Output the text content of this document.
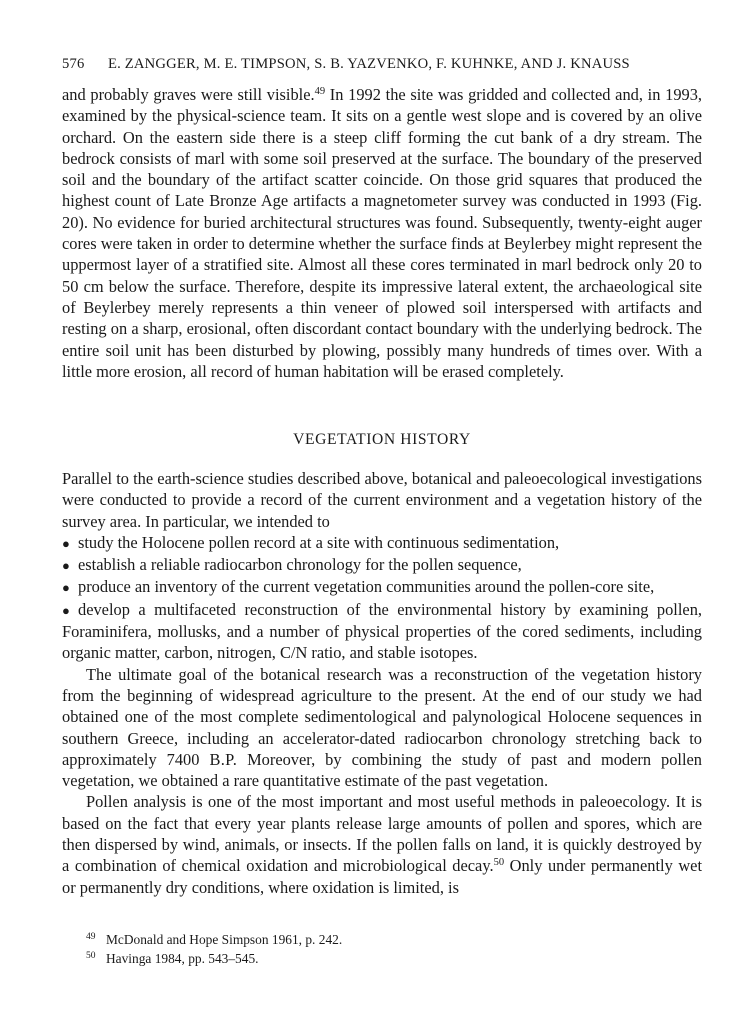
576 E. ZANGGER, M. E. TIMPSON, S. B. YAZVENKO, F. KUHNKE, AND J. KNAUSS

and probably graves were still visible.$^{49}$ In 1992 the site was gridded and collected and, in 1993, examined by the physical-science team. It sits on a gentle west slope and is covered by an olive orchard. On the eastern side there is a steep cliff forming the cut bank of a dry stream. The bedrock consists of marl with some soil preserved at the surface. The boundary of the preserved soil and the boundary of the artifact scatter coincide. On those grid squares that produced the highest count of Late Bronze Age artifacts a magnetometer survey was conducted in 1993 (Fig. 20). No evidence for buried architectural structures was found. Subsequently, twenty-eight auger cores were taken in order to determine whether the surface finds at Beylerbey might represent the uppermost layer of a stratified site. Almost all these cores terminated in marl bedrock only 20 to 50 cm below the surface. Therefore, despite its impressive lateral extent, the archaeological site of Beylerbey merely represents a thin veneer of plowed soil interspersed with artifacts and resting on a sharp, erosional, often discordant contact boundary with the underlying bedrock. The entire soil unit has been disturbed by plowing, possibly many hundreds of times over. With a little more erosion, all record of human habitation will be erased completely.

VEGETATION HISTORY

Parallel to the earth-science studies described above, botanical and paleoecological investigations were conducted to provide a record of the current environment and a vegetation history of the survey area. In particular, we intended to

● study the Holocene pollen record at a site with continuous sedimentation,
● establish a reliable radiocarbon chronology for the pollen sequence,
● produce an inventory of the current vegetation communities around the pollen-core site,
● develop a multifaceted reconstruction of the environmental history by examining pollen, Foraminifera, mollusks, and a number of physical properties of the cored sediments, including organic matter, carbon, nitrogen, C/N ratio, and stable isotopes.

The ultimate goal of the botanical research was a reconstruction of the vegetation history from the beginning of widespread agriculture to the present. At the end of our study we had obtained one of the most complete sedimentological and palynological Holocene sequences in southern Greece, including an accelerator-dated radiocarbon chronology stretching back to approximately 7400 B.P. Moreover, by combining the study of past and modern pollen vegetation, we obtained a rare quantitative estimate of the past vegetation.

Pollen analysis is one of the most important and most useful methods in paleoecology. It is based on the fact that every year plants release large amounts of pollen and spores, which are then dispersed by wind, animals, or insects. If the pollen falls on land, it is quickly destroyed by a combination of chemical oxidation and microbiological decay.$^{50}$ Only under permanently wet or permanently dry conditions, where oxidation is limited, is

$^{49}$ McDonald and Hope Simpson 1961, p. 242.
$^{50}$ Havinga 1984, pp. 543–545.
